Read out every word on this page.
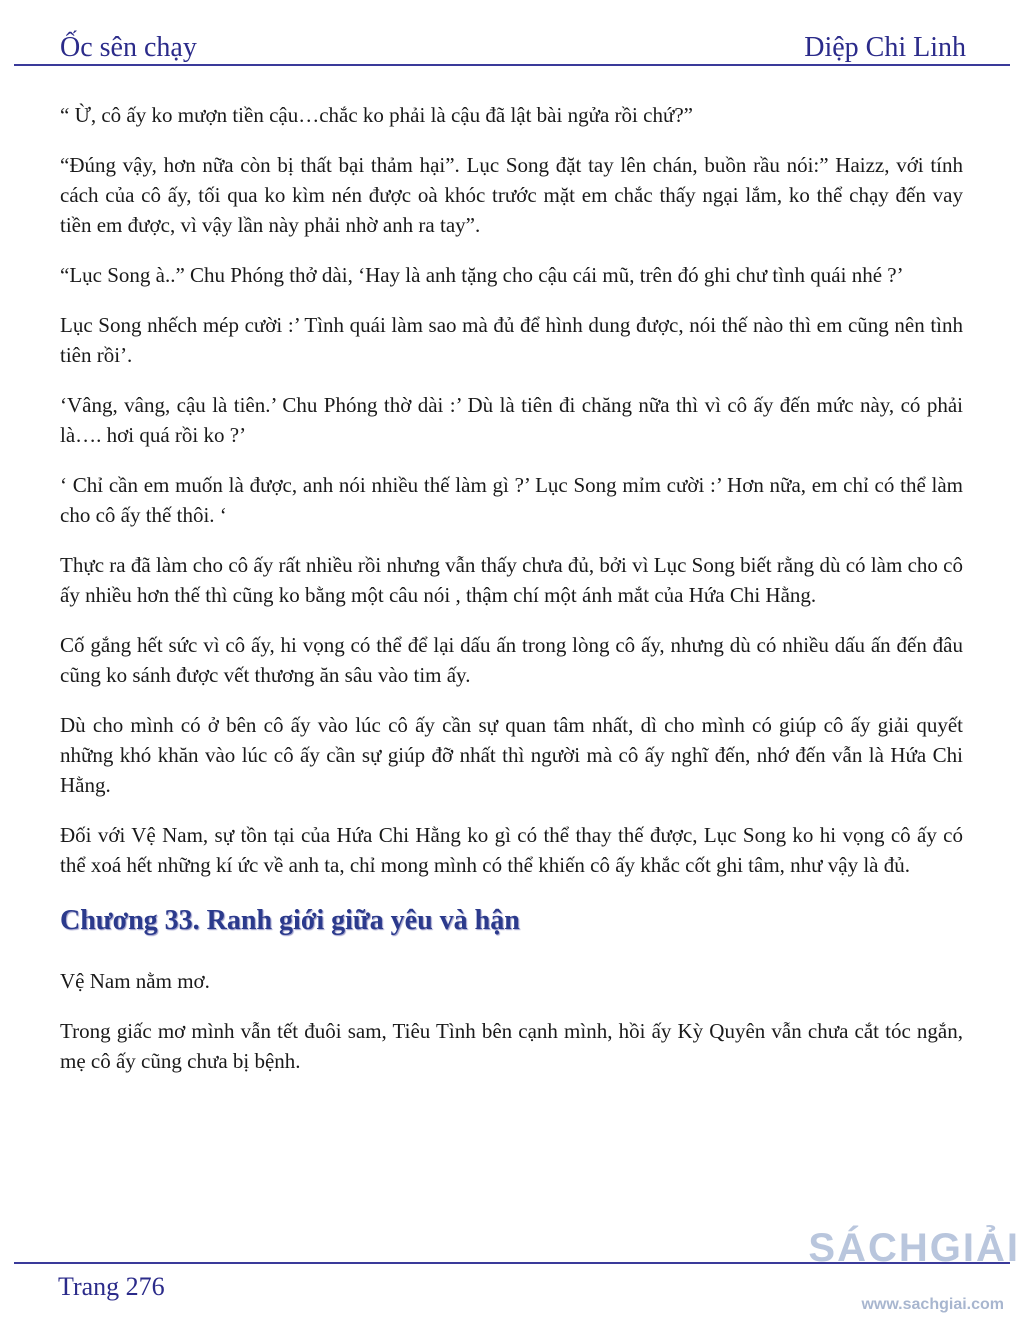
Ốc sên chạy	Diệp Chi Linh

“ Ừ, cô ấy ko mượn tiền cậu…chắc ko phải là cậu đã lật bài ngửa rồi chứ?”

“Đúng vậy, hơn nữa còn bị thất bại thảm hại”. Lục Song đặt tay lên chán, buồn rầu nói:” Haizz, với tính cách của cô ấy, tối qua ko kìm nén được oà khóc trước mặt em chắc thấy ngại lắm, ko thể chạy đến vay tiền em được, vì vậy lần này phải nhờ anh ra tay”.

“Lục Song à..” Chu Phóng thở dài, ‘Hay là anh tặng cho cậu cái mũ, trên đó ghi chư tình quái nhé ?’

Lục Song nhếch mép cười :’ Tình quái làm sao mà đủ để hình dung được, nói thế nào thì em cũng nên tình tiên rồi’.

‘Vâng, vâng, cậu là tiên.’ Chu Phóng thờ dài :’ Dù là tiên đi chăng nữa thì vì cô ấy đến mức này, có phải là…. hơi quá rồi ko ?’

‘ Chỉ cần em muốn là được, anh nói nhiều thế làm gì ?’ Lục Song mỉm cười :’ Hơn nữa, em chỉ có thể làm cho cô ấy thế thôi. ‘

Thực ra đã làm cho cô ấy rất nhiều rồi nhưng vẫn thấy chưa đủ, bởi vì Lục Song biết rằng dù có làm cho cô ấy nhiều hơn thế thì cũng ko bằng một câu nói , thậm chí một ánh mắt của Hứa Chi Hằng.

Cố gắng hết sức vì cô ấy, hi vọng có thể để lại dấu ấn trong lòng cô ấy, nhưng dù có nhiều dấu ấn đến đâu cũng ko sánh được vết thương ăn sâu vào tim ấy.

Dù cho mình có ở bên cô ấy vào lúc cô ấy cần sự quan tâm nhất, dì cho mình có giúp cô ấy giải quyết những khó khăn vào lúc cô ấy cần sự giúp đỡ nhất thì người mà cô ấy nghĩ đến, nhớ đến vẫn là Hứa Chi Hằng.

Đối với Vệ Nam, sự tồn tại của Hứa Chi Hằng ko gì có thể thay thế được, Lục Song ko hi vọng cô ấy có thể xoá hết những kí ức về anh ta, chỉ mong mình có thể khiến cô ấy khắc cốt ghi tâm, như vậy là đủ.

Chương 33. Ranh giới giữa yêu và hận

Vệ Nam nằm mơ.

Trong giấc mơ mình vẫn tết đuôi sam, Tiêu Tình bên cạnh mình, hồi ấy Kỳ Quyên vẫn chưa cắt tóc ngắn, mẹ cô ấy cũng chưa bị bệnh.

SÁCHGIẢI
Trang 276
www.sachgiai.com
